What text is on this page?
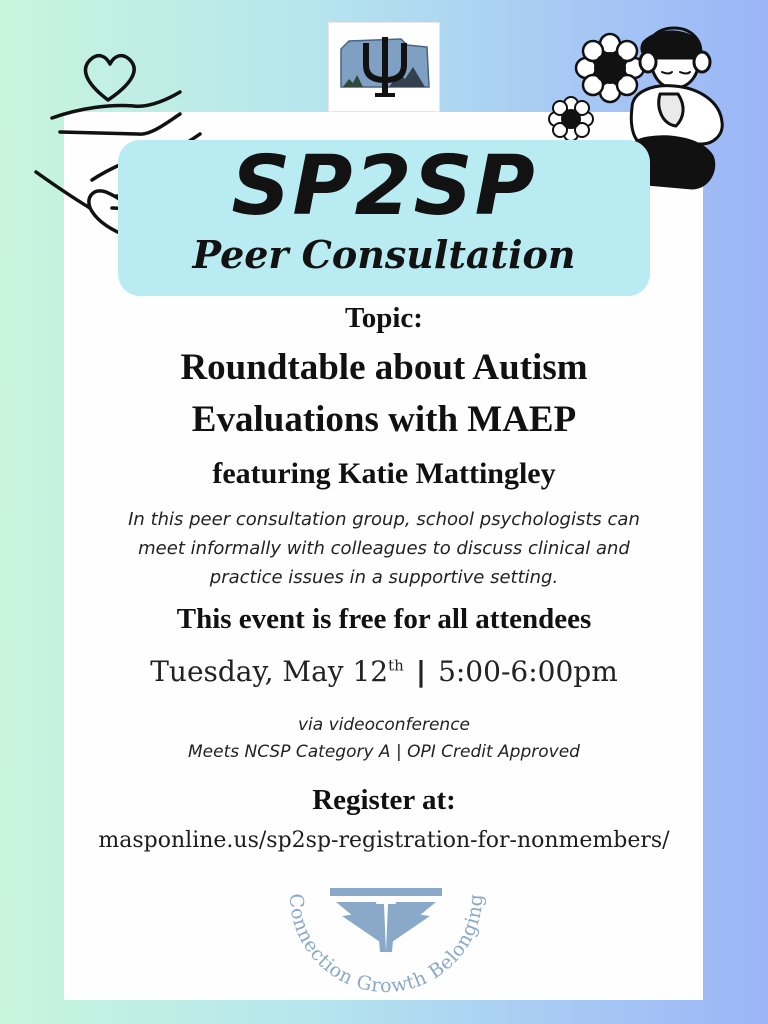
SP2SP
Peer Consultation
Topic:
Roundtable about Autism
Evaluations with MAEP
featuring Katie Mattingley
In this peer consultation group, school psychologists can
meet informally with colleagues to discuss clinical and
practice issues in a supportive setting.
This event is free for all attendees
Tuesday, May 12th | 5:00-6:00pm
via videoconference
Meets NCSP Category A | OPI Credit Approved
Register at:
masponline.us/sp2sp-registration-for-nonmembers/
Connection Growth Belonging
